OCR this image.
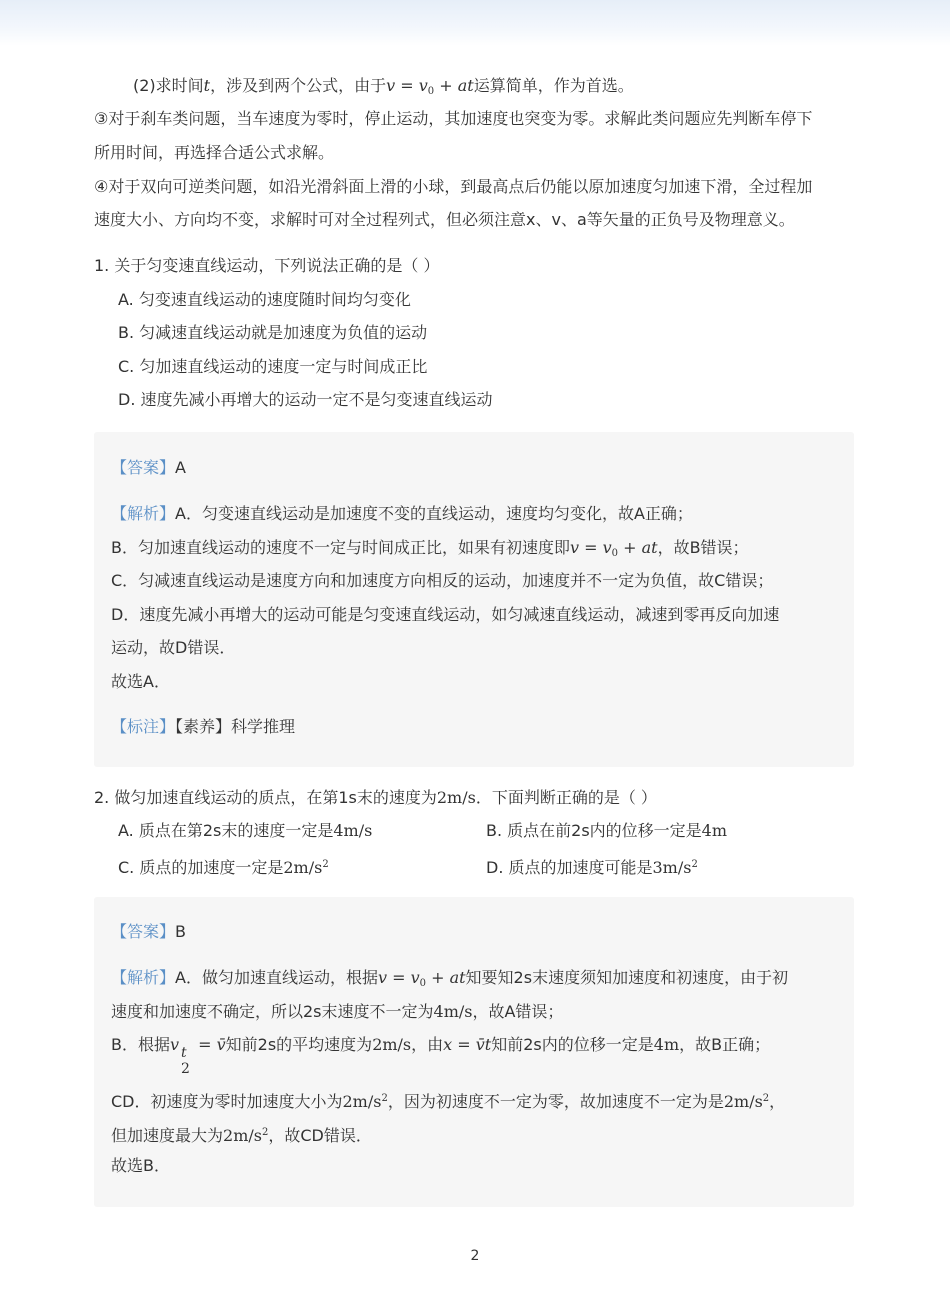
(2)求时间t，涉及到两个公式，由于$v = v_0$ + at运算简单，作为首选。
③对于刹车类问题，当车速度为零时，停止运动，其加速度也突变为零。求解此类问题应先判断车停下
所用时间，再选择合适公式求解。
④对于双向可逆类问题，如沿光滑斜面上滑的小球，到最高点后仍能以原加速度匀加速下滑，全过程加
速度大小、方向均不变，求解时可对全过程列式，但必须注意x、v、a等矢量的正负号及物理意义。
1. 关于匀变速直线运动，下列说法正确的是（ ）
A. 匀变速直线运动的速度随时间均匀变化
B. 匀减速直线运动就是加速度为负值的运动
C. 匀加速直线运动的速度一定与时间成正比
D. 速度先减小再增大的运动一定不是匀变速直线运动
【答案】A
【解析】A．匀变速直线运动是加速度不变的直线运动，速度均匀变化，故A正确；
B．匀加速直线运动的速度不一定与时间成正比，如果有初速度即$v = v_0$ + at，故B错误；
C．匀减速直线运动是速度方向和加速度方向相反的运动，加速度并不一定为负值，故C错误；
D．速度先减小再增大的运动可能是匀变速直线运动，如匀减速直线运动，减速到零再反向加速
运动，故D错误．
故选A．
【标注】【素养】科学推理
2. 做匀加速直线运动的质点，在第1s末的速度为2m/s．下面判断正确的是（ ）
A. 质点在第2s末的速度一定是4m/s	B. 质点在前2s内的位移一定是4m
C. 质点的加速度一定是$2m/s^2$	D. 质点的加速度可能是$3m/s^2$
【答案】B
【解析】A．做匀加速直线运动，根据$v = v_0$ + at知要知2s末速度须知加速度和初速度，由于初
速度和加速度不确定，所以2s末速度不一定为4m/s，故A错误；
B．根据v t
2
= v̄知前2s的平均速度为2m/s，由x = v̄t知前2s内的位移一定是4m，故B正确；
CD．初速度为零时加速度大小为$2m/s^2$，因为初速度不一定为零，故加速度不一定为是$2m/s^2$，
但加速度最大为$2m/s^2$，故CD错误．
故选B．
2
